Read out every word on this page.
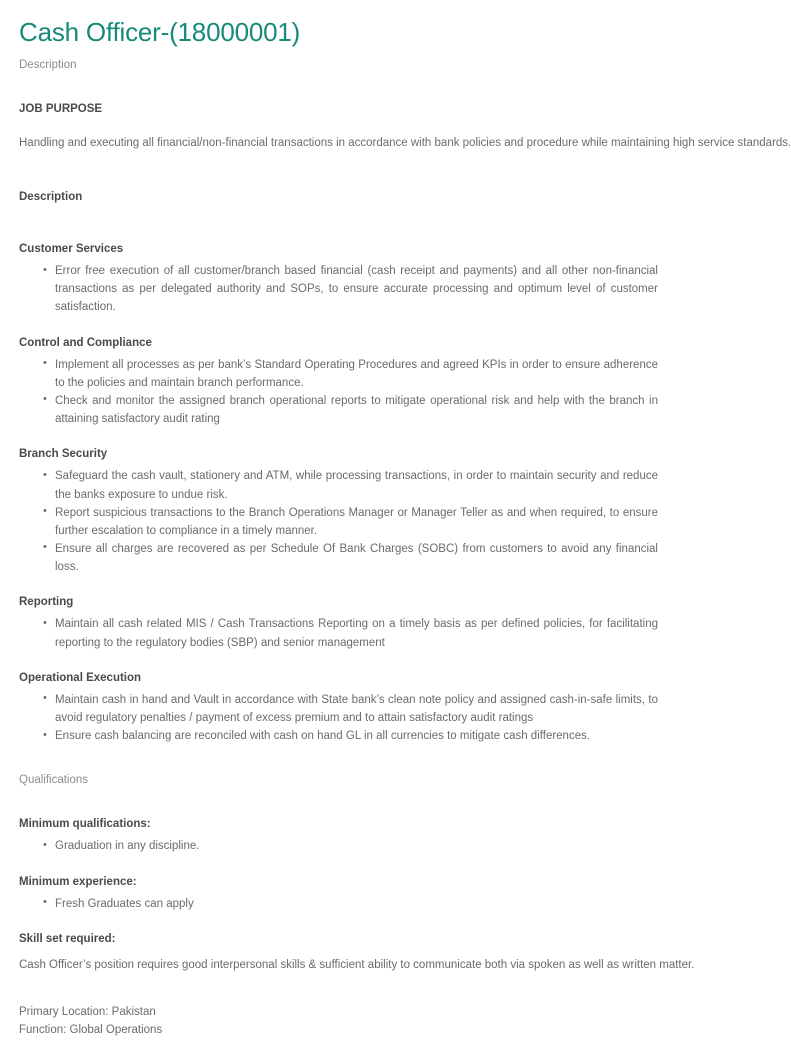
Cash Officer-(18000001)
Description
JOB PURPOSE
Handling and executing all financial/non-financial transactions in accordance with bank policies and procedure while maintaining high service standards.
Description
Customer Services
• Error free execution of all customer/branch based financial (cash receipt and payments) and all other non-financial transactions as per delegated authority and SOPs, to ensure accurate processing and optimum level of customer satisfaction.
Control and Compliance
• Implement all processes as per bank’s Standard Operating Procedures and agreed KPIs in order to ensure adherence to the policies and maintain branch performance.
• Check and monitor the assigned branch operational reports to mitigate operational risk and help with the branch in attaining satisfactory audit rating
Branch Security
• Safeguard the cash vault, stationery and ATM, while processing transactions, in order to maintain security and reduce the banks exposure to undue risk.
• Report suspicious transactions to the Branch Operations Manager or Manager Teller as and when required, to ensure further escalation to compliance in a timely manner.
• Ensure all charges are recovered as per Schedule Of Bank Charges (SOBC) from customers to avoid any financial loss.
Reporting
• Maintain all cash related MIS / Cash Transactions Reporting on a timely basis as per defined policies, for facilitating reporting to the regulatory bodies (SBP) and senior management
Operational Execution
• Maintain cash in hand and Vault in accordance with State bank’s clean note policy and assigned cash-in-safe limits, to avoid regulatory penalties / payment of excess premium and to attain satisfactory audit ratings
• Ensure cash balancing are reconciled with cash on hand GL in all currencies to mitigate cash differences.
Qualifications
Minimum qualifications:
• Graduation in any discipline.
Minimum experience:
• Fresh Graduates can apply
Skill set required:
Cash Officer’s position requires good interpersonal skills & sufficient ability to communicate both via spoken as well as written matter.
Primary Location: Pakistan
Function: Global Operations
